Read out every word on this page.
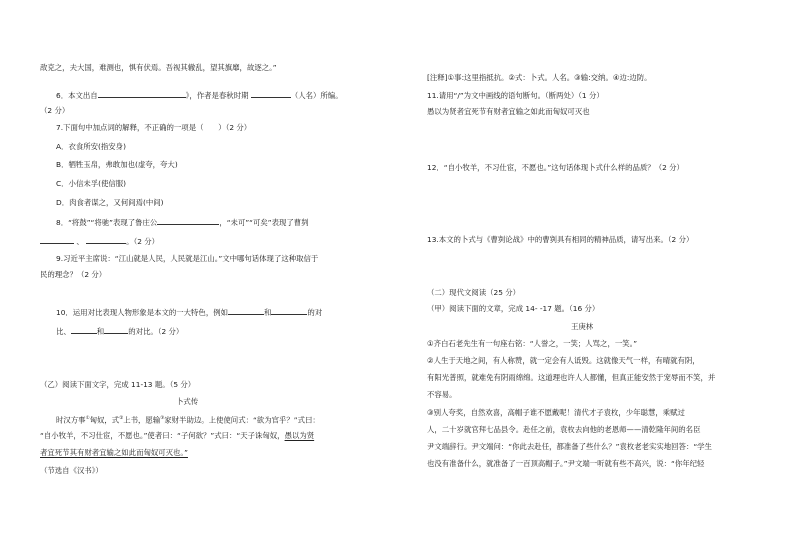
敌克之，夫大国，难测也，惧有伏焉。吾视其辙乱，望其旗靡，故逐之。”
6．本文出自	》，作者是春秋时期	（人名）所编。
（2 分）
7.下面句中加点词的解释，不正确的一项是（　　）（2 分）
A．衣食所安(指安身)
B．牺牲玉帛，弗敢加也(虚夸，夸大)
C．小信未孚(使信服)
D．肉食者谋之，又何间焉(中间)
8．“将鼓”“将驰”表现了鲁庄公	，“未可”“可矣”表现了曹刿
、	。（2 分）
9.习近平主席说：“江山就是人民，人民就是江山。”文中哪句话体现了这种取信于
民的理念？（2 分）
10．运用对比表现人物形象是本文的一大特色，例如	和	的对
比、	和	的对比。（2 分）
（乙）阅读下面文字，完成 11-13 题。（5 分）
卜式传
时汉方事①匈奴，式②上书，愿输③家财半助边。上使使问式：“欲为官乎？”式曰：
“自小牧羊，不习仕宦，不愿也。”使者曰：“子何欲？”式曰：“天子诛匈奴，愚以为贤
者宜死节其有财者宜输之如此而匈奴可灭也。”
（节选自《汉书》）
[注释]①事:这里指抵抗。②式：卜式。人名。③输:交纳。④边:边防。
11.请用“/”为文中画线的语句断句。（断两处）（1 分）
愚以为贤者宜死节有财者宜输之如此而匈奴可灭也
12．“自小牧羊，不习仕宦，不愿也。”这句话体现卜式什么样的品质？（2 分）
13.本文的卜式与《曹刿论战》中的曹刿具有相同的精神品质，请写出来。（2 分）
（二）现代文阅读（25 分）
（甲）阅读下面的文章，完成 14- -17 题。（16 分）
王庚林
①齐白石老先生有一句座右铭：“人誉之，一笑；人骂之，一笑。”
②人生于天地之间，有人称赞，就一定会有人诋毁。这就像天气一样，有晴就有阴，
有阳光普照，就难免有阴雨绵绵。这道理也许人人都懂，但真正能安然于宠辱而不笑，并
不容易。
③别人夸奖，自然欢喜，高帽子谁不愿戴呢！清代才子袁枚，少年聪慧，乘赋过
人，二十岁就官拜七品县令。赴任之前，袁枚去向他的老恩师——清乾隆年间的名臣
尹文端辞行。尹文端问：“你此去赴任，都准备了些什么？”袁枚老老实实地回答：“学生
也没有准备什么，就准备了一百顶高帽子。”尹文端一听就有些不高兴，说：“你年纪轻
